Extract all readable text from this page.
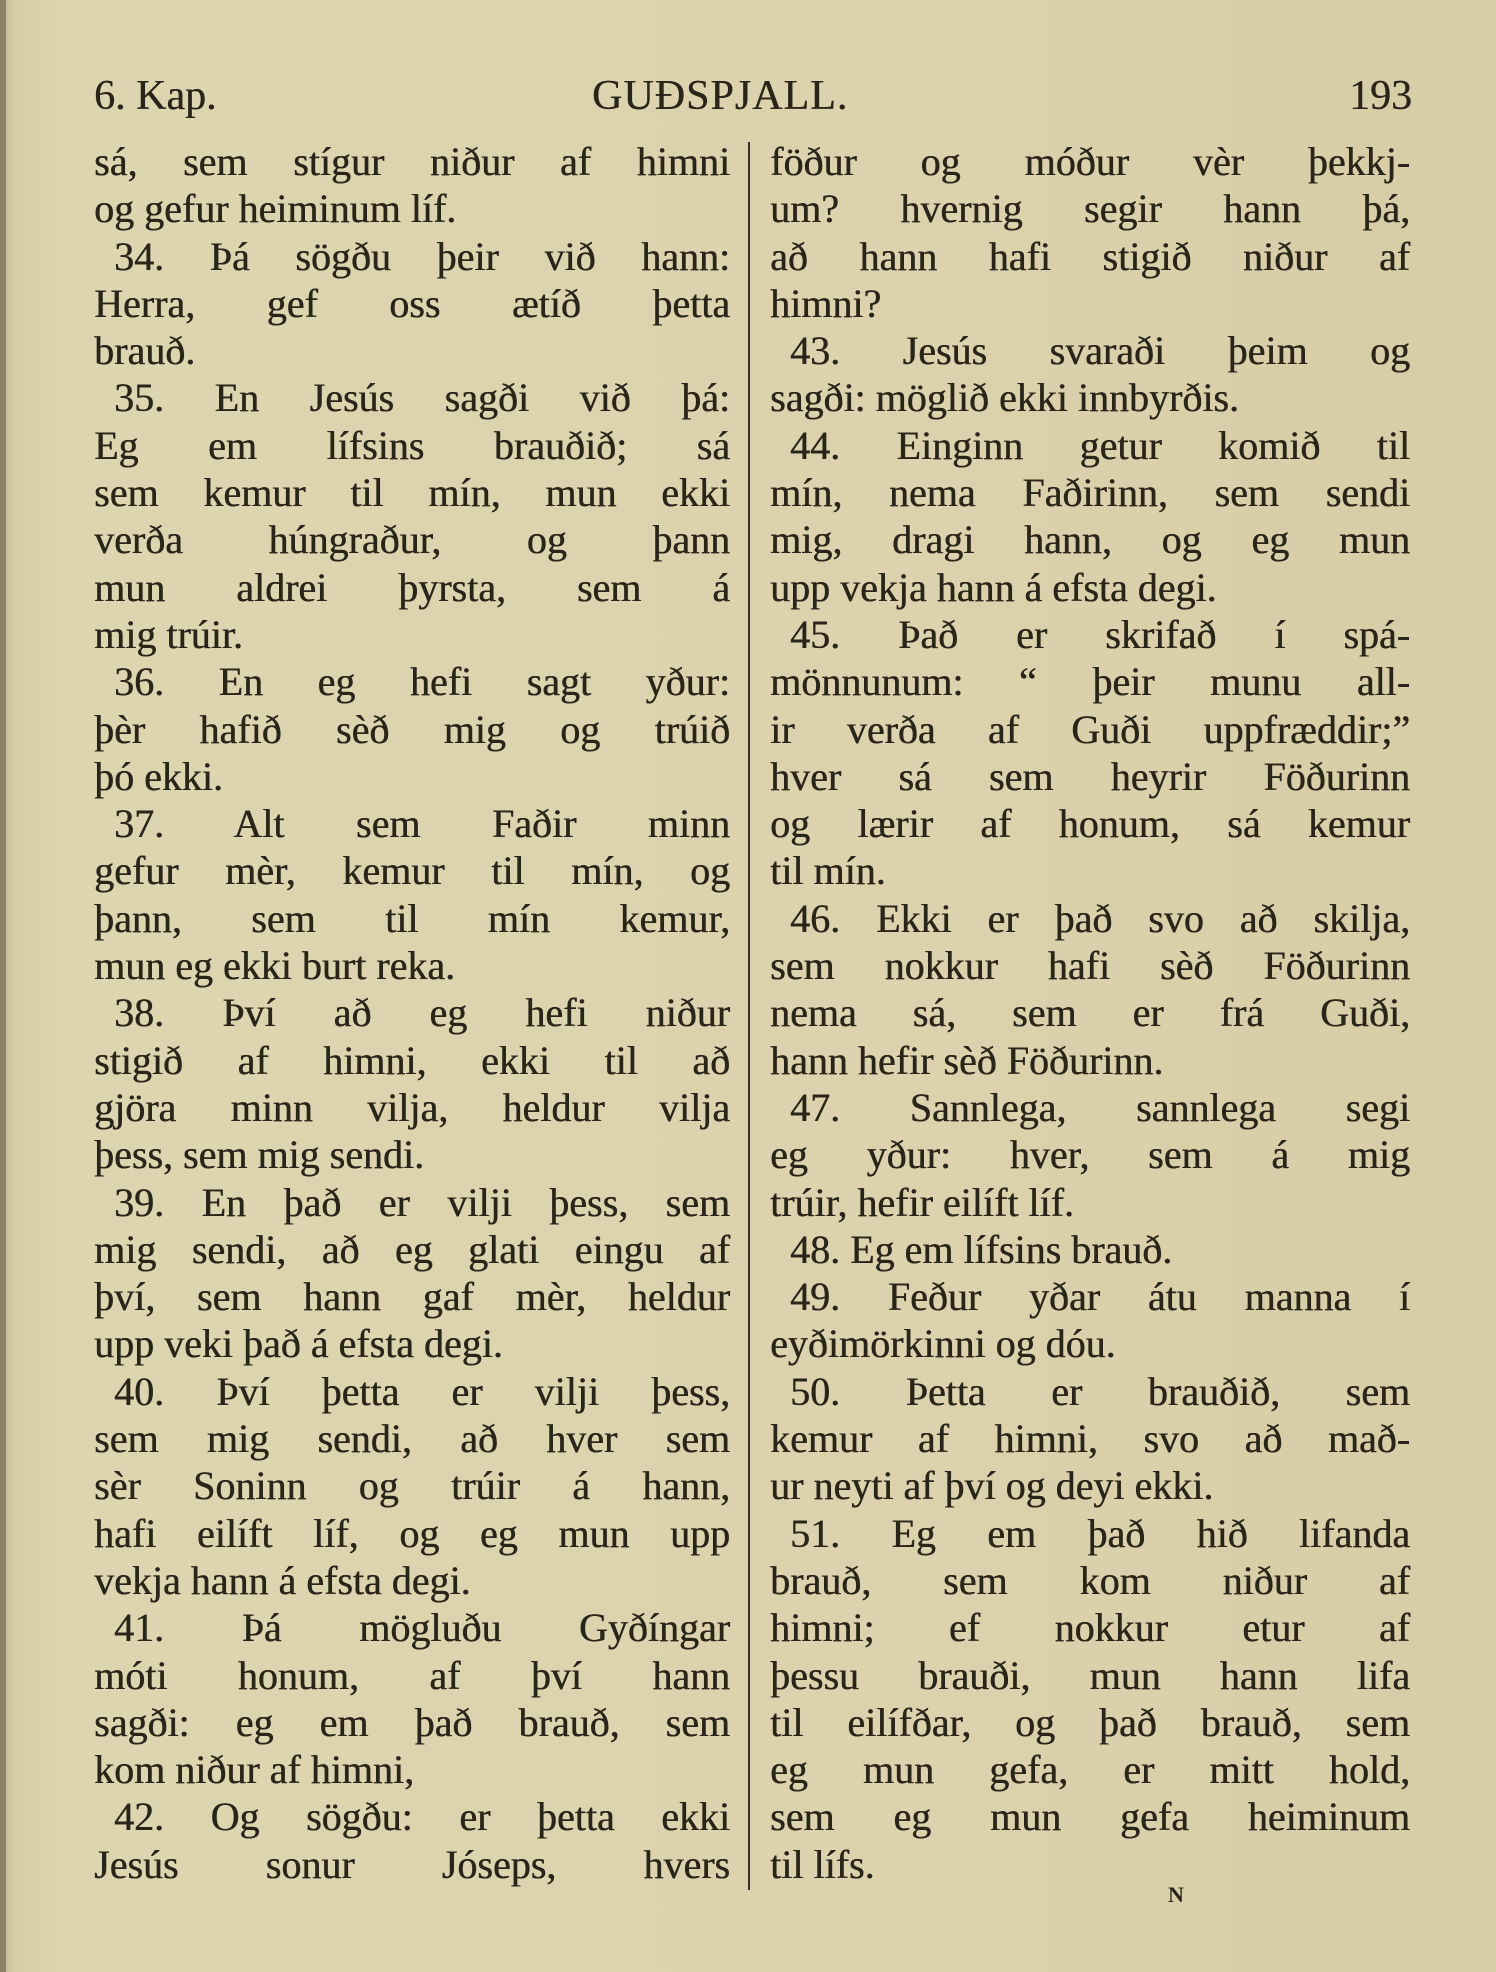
6. Kap.	GUÐSPJALL.	193
sá, sem stígur niður af himni
og gefur heiminum líf.
34. Þá sögðu þeir við hann:
Herra, gef oss ætíð þetta
brauð.
35. En Jesús sagði við þá:
Eg em lífsins brauðið; sá
sem kemur til mín, mun ekki
verða húngraður, og þann
mun aldrei þyrsta, sem á
mig trúir.
36. En eg hefi sagt yður:
þèr hafið sèð mig og trúið
þó ekki.
37. Alt sem Faðir minn
gefur mèr, kemur til mín, og
þann, sem til mín kemur,
mun eg ekki burt reka.
38. Því að eg hefi niður
stigið af himni, ekki til að
gjöra minn vilja, heldur vilja
þess, sem mig sendi.
39. En það er vilji þess, sem
mig sendi, að eg glati eingu af
því, sem hann gaf mèr, heldur
upp veki það á efsta degi.
40. Því þetta er vilji þess,
sem mig sendi, að hver sem
sèr Soninn og trúir á hann,
hafi eilíft líf, og eg mun upp
vekja hann á efsta degi.
41. Þá mögluðu Gyðíngar
móti honum, af því hann
sagði: eg em það brauð, sem
kom niður af himni,
42. Og sögðu: er þetta ekki
Jesús sonur Jóseps, hvers
föður og móður vèr þekkj-
um? hvernig segir hann þá,
að hann hafi stigið niður af
himni?
43. Jesús svaraði þeim og
sagði: möglið ekki innbyrðis.
44. Einginn getur komið til
mín, nema Faðirinn, sem sendi
mig, dragi hann, og eg mun
upp vekja hann á efsta degi.
45. Það er skrifað í spá-
mönnunum: “ þeir munu all-
ir verða af Guði uppfræddir;”
hver sá sem heyrir Föðurinn
og lærir af honum, sá kemur
til mín.
46. Ekki er það svo að skilja,
sem nokkur hafi sèð Föðurinn
nema sá, sem er frá Guði,
hann hefir sèð Föðurinn.
47. Sannlega, sannlega segi
eg yður: hver, sem á mig
trúir, hefir eilíft líf.
48. Eg em lífsins brauð.
49. Feður yðar átu manna í
eyðimörkinni og dóu.
50. Þetta er brauðið, sem
kemur af himni, svo að mað-
ur neyti af því og deyi ekki.
51. Eg em það hið lifanda
brauð, sem kom niður af
himni; ef nokkur etur af
þessu brauði, mun hann lifa
til eilífðar, og það brauð, sem
eg mun gefa, er mitt hold,
sem eg mun gefa heiminum
til lífs.
N
